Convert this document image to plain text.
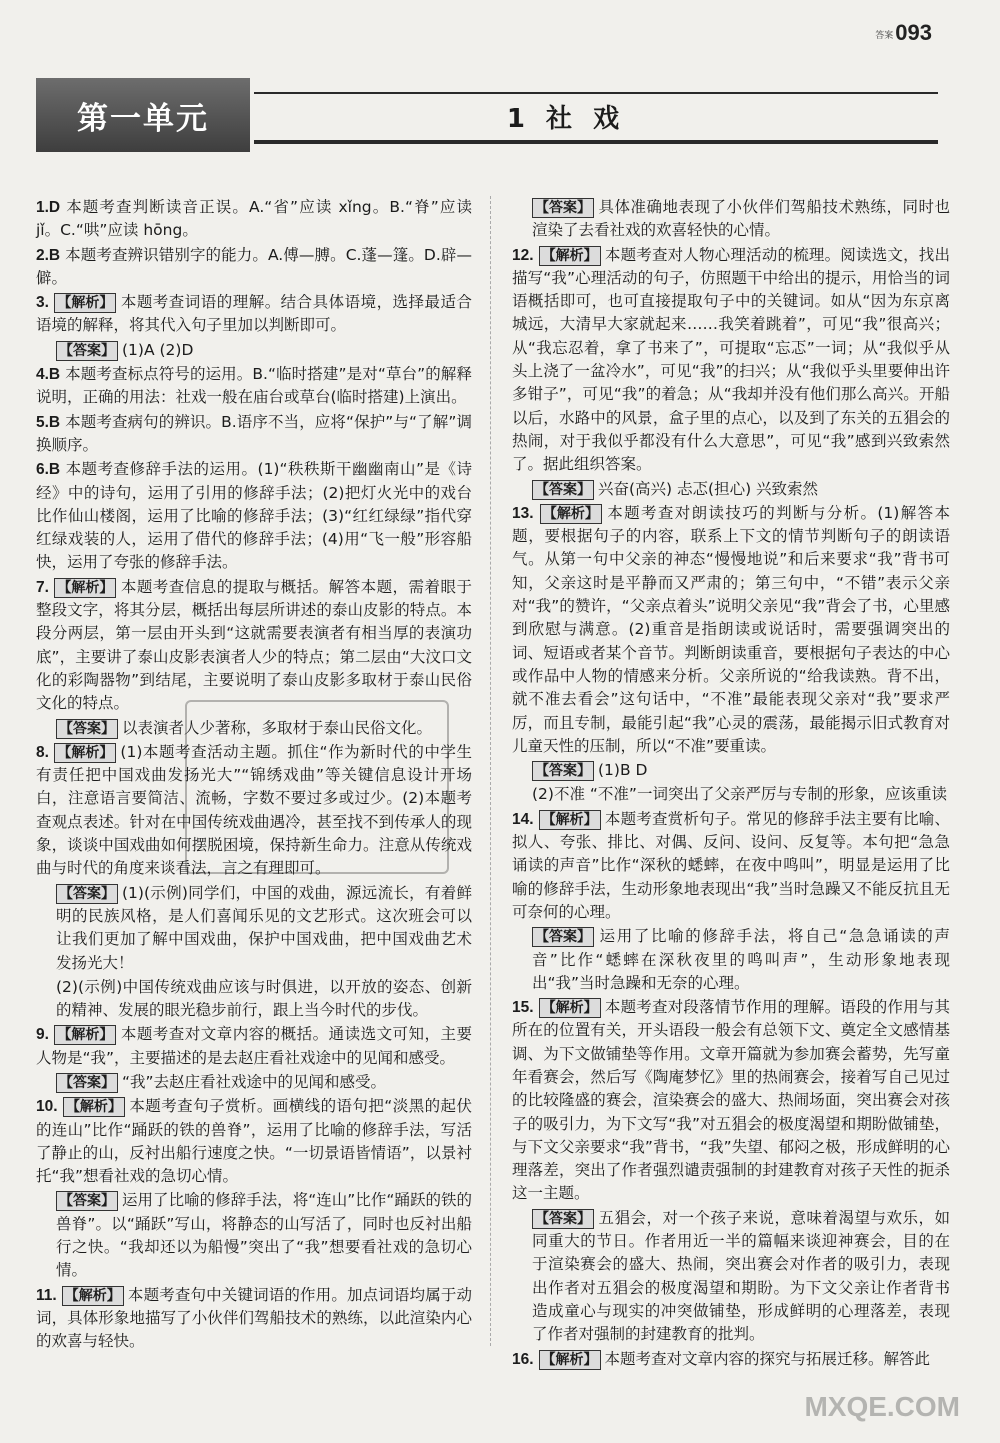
答案093
第一单元	1 社 戏
1.D 本题考查判断读音正误。A.“省”应读 xǐng。B.“脊”应读 jǐ。C.“哄”应读 hōng。
2.B 本题考查辨识错别字的能力。A.傅—膊。C.蓬—篷。D.辟—僻。
3. 【解析】 本题考查词语的理解。结合具体语境，选择最适合语境的解释，将其代入句子里加以判断即可。
【答案】 (1)A (2)D
4.B 本题考查标点符号的运用。B.“临时搭建”是对“草台”的解释说明，正确的用法：社戏一般在庙台或草台(临时搭建)上演出。
5.B 本题考查病句的辨识。B.语序不当，应将“保护”与“了解”调换顺序。
6.B 本题考查修辞手法的运用。(1)“秩秩斯干幽幽南山”是《诗经》中的诗句，运用了引用的修辞手法；(2)把灯火光中的戏台比作仙山楼阁，运用了比喻的修辞手法；(3)“红红绿绿”指代穿红绿戏装的人，运用了借代的修辞手法；(4)用“飞一般”形容船快，运用了夸张的修辞手法。
7. 【解析】 本题考查信息的提取与概括。解答本题，需着眼于整段文字，将其分层，概括出每层所讲述的泰山皮影的特点。本段分两层，第一层由开头到“这就需要表演者有相当厚的表演功底”，主要讲了泰山皮影表演者人少的特点；第二层由“大汶口文化的彩陶器物”到结尾，主要说明了泰山皮影多取材于泰山民俗文化的特点。
【答案】 以表演者人少著称，多取材于泰山民俗文化。
8. 【解析】 (1)本题考查活动主题。抓住“作为新时代的中学生有责任把中国戏曲发扬光大”“锦绣戏曲”等关键信息设计开场白，注意语言要简洁、流畅，字数不要过多或过少。(2)本题考查观点表述。针对在中国传统戏曲遇冷，甚至找不到传承人的现象，谈谈中国戏曲如何摆脱困境，保持新生命力。注意从传统戏曲与时代的角度来谈看法，言之有理即可。
【答案】 (1)(示例)同学们，中国的戏曲，源远流长，有着鲜明的民族风格，是人们喜闻乐见的文艺形式。这次班会可以让我们更加了解中国戏曲，保护中国戏曲，把中国戏曲艺术发扬光大！
(2)(示例)中国传统戏曲应该与时俱进，以开放的姿态、创新的精神、发展的眼光稳步前行，跟上当今时代的步伐。
9. 【解析】 本题考查对文章内容的概括。通读选文可知，主要人物是“我”，主要描述的是去赵庄看社戏途中的见闻和感受。
【答案】 “我”去赵庄看社戏途中的见闻和感受。
10. 【解析】 本题考查句子赏析。画横线的语句把“淡黑的起伏的连山”比作“踊跃的铁的兽脊”，运用了比喻的修辞手法，写活了静止的山，反衬出船行速度之快。“一切景语皆情语”，以景衬托“我”想看社戏的急切心情。
【答案】 运用了比喻的修辞手法，将“连山”比作“踊跃的铁的兽脊”。以“踊跃”写山，将静态的山写活了，同时也反衬出船行之快。“我却还以为船慢”突出了“我”想要看社戏的急切心情。
11. 【解析】 本题考查句中关键词语的作用。加点词语均属于动词，具体形象地描写了小伙伴们驾船技术的熟练，以此渲染内心的欢喜与轻快。
【答案】 具体准确地表现了小伙伴们驾船技术熟练，同时也渲染了去看社戏的欢喜轻快的心情。
12. 【解析】 本题考查对人物心理活动的梳理。阅读选文，找出描写“我”心理活动的句子，仿照题干中给出的提示，用恰当的词语概括即可，也可直接提取句子中的关键词。如从“因为东京离城远，大清早大家就起来……我笑着跳着”，可见“我”很高兴；从“我忘忍着，拿了书来了”，可提取“忘忑”一词；从“我似乎从头上浇了一盆冷水”，可见“我”的扫兴；从“我似乎头里要伸出许多钳子”，可见“我”的着急；从“我却并没有他们那么高兴。开船以后，水路中的风景，盒子里的点心，以及到了东关的五猖会的热闹，对于我似乎都没有什么大意思”，可见“我”感到兴致索然了。据此组织答案。
【答案】 兴奋(高兴) 忐忑(担心) 兴致索然
13. 【解析】 本题考查对朗读技巧的判断与分析。(1)解答本题，要根据句子的内容，联系上下文的情节判断句子的朗读语气。从第一句中父亲的神态“慢慢地说”和后来要求“我”背书可知，父亲这时是平静而又严肃的；第三句中，“不错”表示父亲对“我”的赞许，“父亲点着头”说明父亲见“我”背会了书，心里感到欣慰与满意。(2)重音是指朗读或说话时，需要强调突出的词、短语或者某个音节。判断朗读重音，要根据句子表达的中心或作品中人物的情感来分析。父亲所说的“给我读熟。背不出，就不准去看会”这句话中，“不准”最能表现父亲对“我”要求严厉，而且专制，最能引起“我”心灵的震荡，最能揭示旧式教育对儿童天性的压制，所以“不准”要重读。
【答案】 (1)B D
(2)不准 “不准”一词突出了父亲严厉与专制的形象，应该重读
14. 【解析】 本题考查赏析句子。常见的修辞手法主要有比喻、拟人、夸张、排比、对偶、反问、设问、反复等。本句把“急急诵读的声音”比作“深秋的蟋蟀，在夜中鸣叫”，明显是运用了比喻的修辞手法，生动形象地表现出“我”当时急躁又不能反抗且无可奈何的心理。
【答案】 运用了比喻的修辞手法，将自己“急急诵读的声音”比作“蟋蟀在深秋夜里的鸣叫声”，生动形象地表现出“我”当时急躁和无奈的心理。
15. 【解析】 本题考查对段落情节作用的理解。语段的作用与其所在的位置有关，开头语段一般会有总领下文、奠定全文感情基调、为下文做铺垫等作用。文章开篇就为参加赛会蓄势，先写童年看赛会，然后写《陶庵梦忆》里的热闹赛会，接着写自己见过的比较隆盛的赛会，渲染赛会的盛大、热闹场面，突出赛会对孩子的吸引力，为下文写“我”对五猖会的极度渴望和期盼做铺垫，与下文父亲要求“我”背书，“我”失望、郁闷之极，形成鲜明的心理落差，突出了作者强烈谴责强制的封建教育对孩子天性的扼杀这一主题。
【答案】 五猖会，对一个孩子来说，意味着渴望与欢乐，如同重大的节日。作者用近一半的篇幅来谈迎神赛会，目的在于渲染赛会的盛大、热闹，突出赛会对作者的吸引力，表现出作者对五猖会的极度渴望和期盼。为下文父亲让作者背书造成童心与现实的冲突做铺垫，形成鲜明的心理落差，表现了作者对强制的封建教育的批判。
16. 【解析】 本题考查对文章内容的探究与拓展迁移。解答此
MXQE.COM
